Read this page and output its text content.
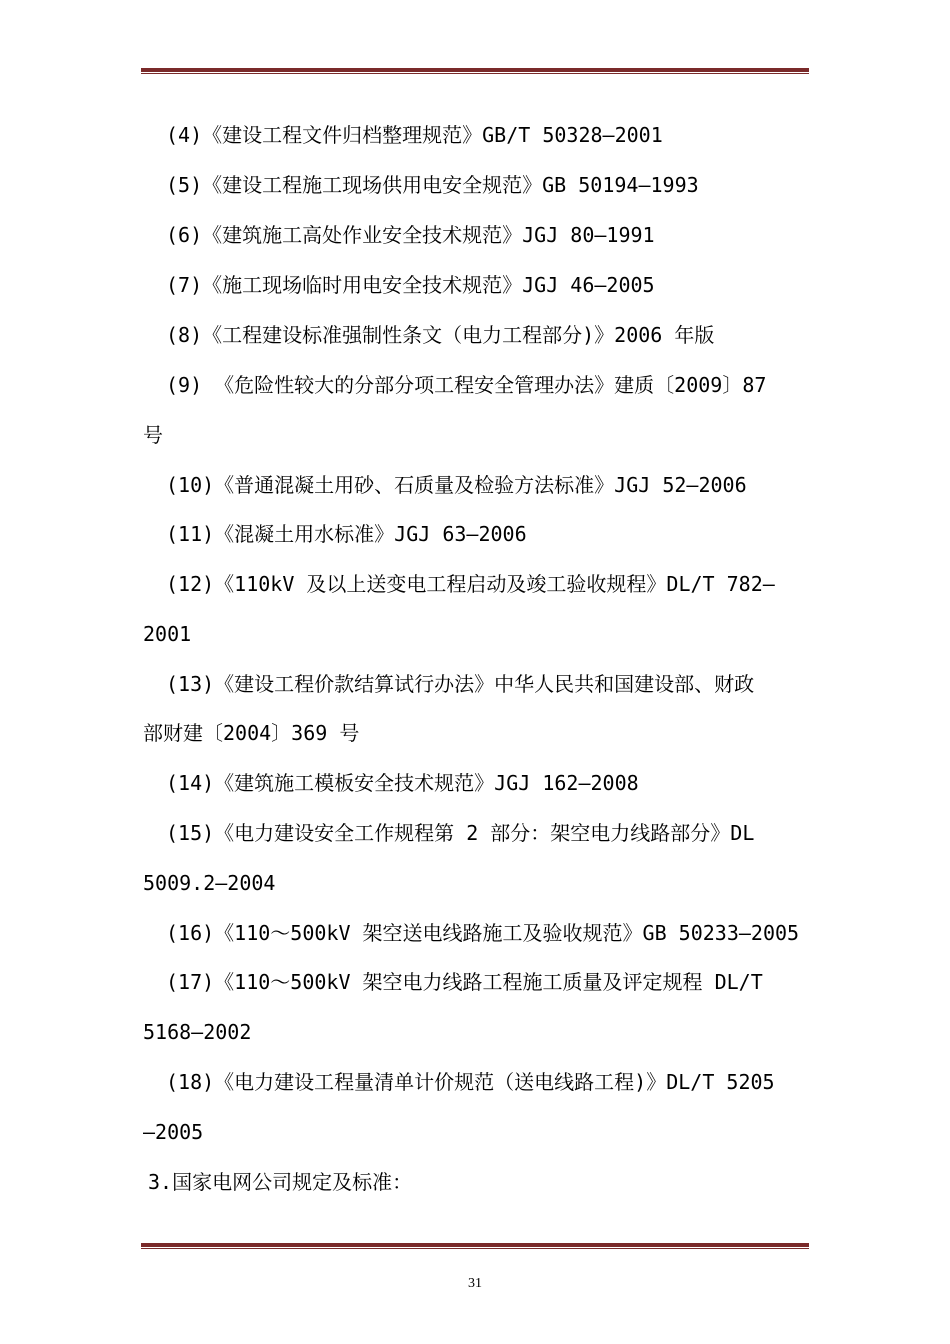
(4)《建设工程文件归档整理规范》GB/T 50328—2001
(5)《建设工程施工现场供用电安全规范》GB 50194—1993
(6)《建筑施工高处作业安全技术规范》JGJ 80—1991
(7)《施工现场临时用电安全技术规范》JGJ 46—2005
(8)《工程建设标准强制性条文（电力工程部分)》2006 年版
(9) 《危险性较大的分部分项工程安全管理办法》建质〔2009〕87
号
(10)《普通混凝土用砂、石质量及检验方法标准》JGJ 52—2006
(11)《混凝土用水标准》JGJ 63—2006
(12)《110kV 及以上送变电工程启动及竣工验收规程》DL/T 782—
2001
(13)《建设工程价款结算试行办法》中华人民共和国建设部、财政
部财建〔2004〕369 号
(14)《建筑施工模板安全技术规范》JGJ 162—2008
(15)《电力建设安全工作规程第 2 部分：架空电力线路部分》DL
5009.2—2004
(16)《110～500kV 架空送电线路施工及验收规范》GB 50233—2005
(17)《110～500kV 架空电力线路工程施工质量及评定规程 DL/T
5168—2002
(18)《电力建设工程量清单计价规范（送电线路工程)》DL/T 5205
—2005
3.国家电网公司规定及标准：
31
